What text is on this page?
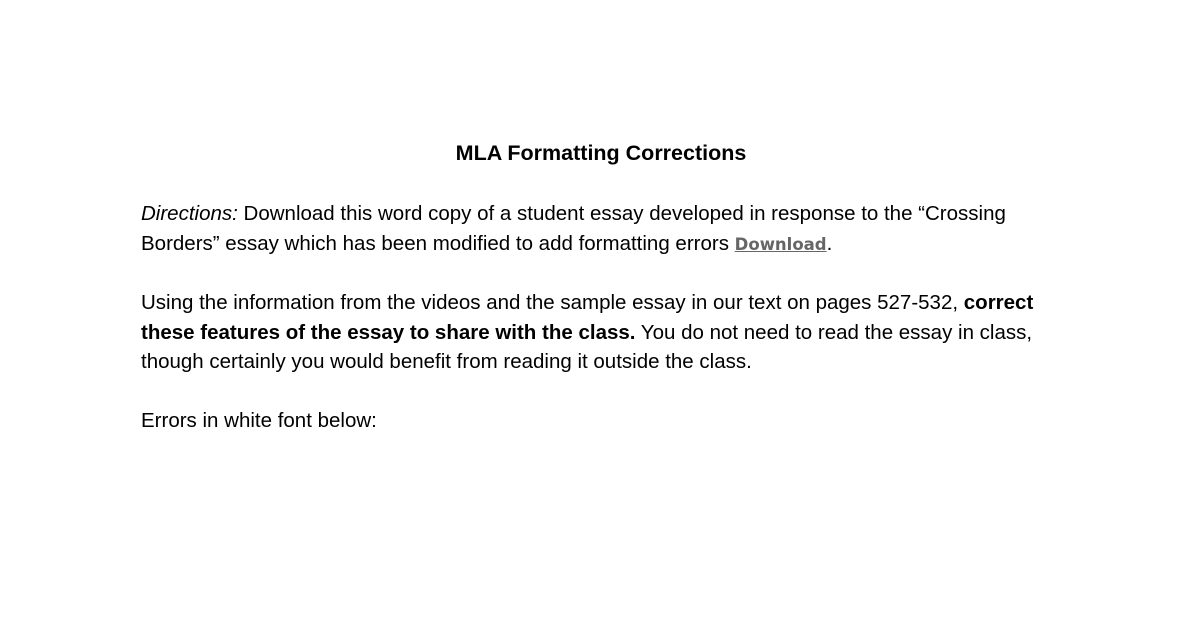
MLA Formatting Corrections

Directions: Download this word copy of a student essay developed in response to the “Crossing Borders” essay which has been modified to add formatting errors Download.

Using the information from the videos and the sample essay in our text on pages 527-532, correct these features of the essay to share with the class. You do not need to read the essay in class, though certainly you would benefit from reading it outside the class.

Errors in white font below:
